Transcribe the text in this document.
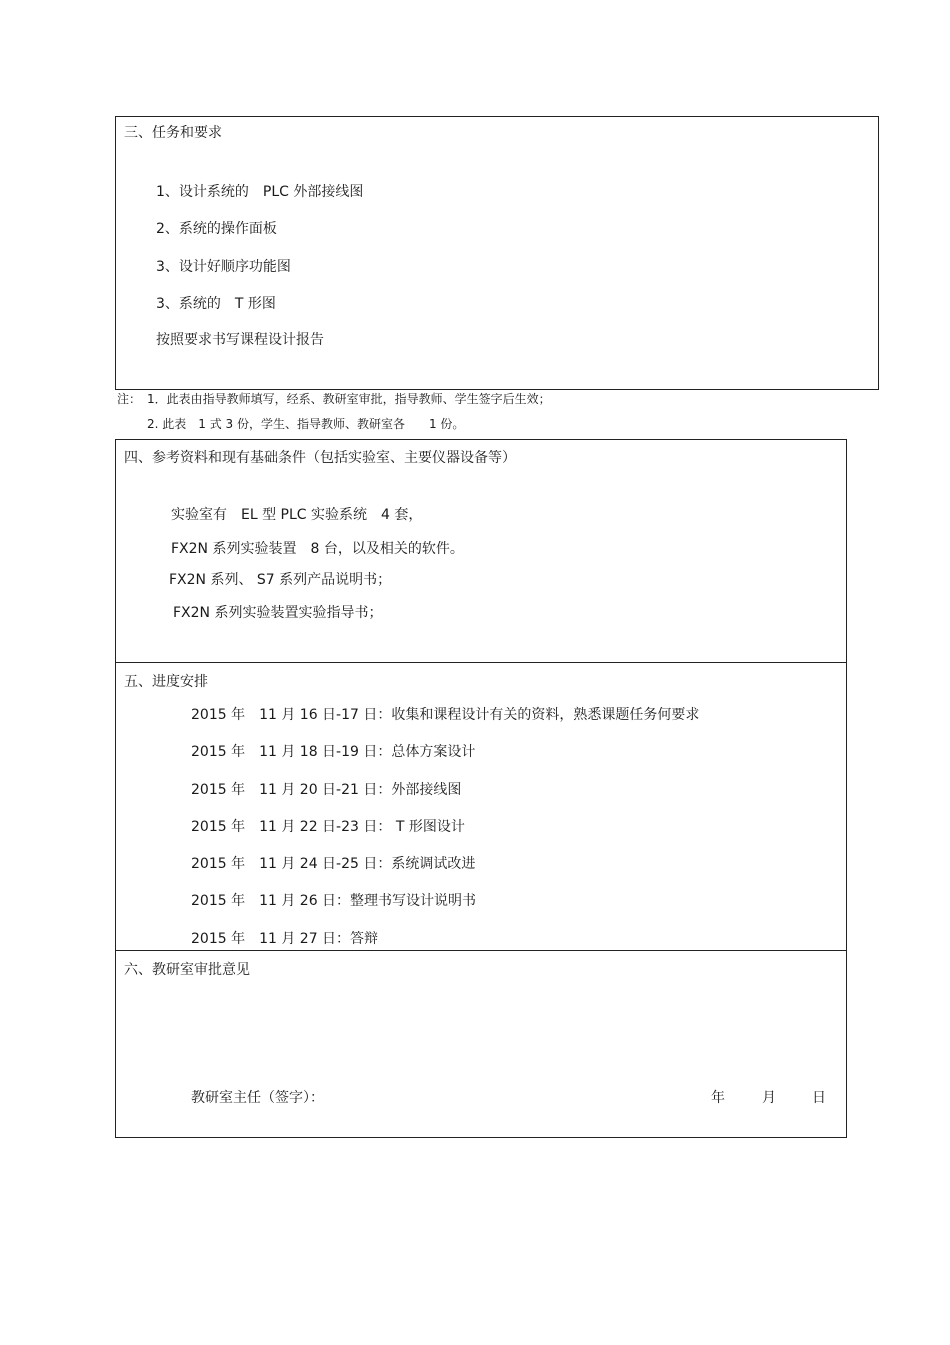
三、任务和要求
1、设计系统的　PLC 外部接线图
2、系统的操作面板
3、设计好顺序功能图
3、系统的　T 形图
按照要求书写课程设计报告
注：　1．此表由指导教师填写，经系、教研室审批，指导教师、学生签字后生效；
2. 此表　1 式 3 份，学生、指导教师、教研室各　　1 份。
四、参考资料和现有基础条件（包括实验室、主要仪器设备等）
实验室有　EL 型 PLC 实验系统　4 套，
FX2N 系列实验装置　8 台，以及相关的软件。
FX2N 系列、 S7 系列产品说明书；
FX2N 系列实验装置实验指导书；
五、进度安排
2015 年　11 月 16 日-17 日：收集和课程设计有关的资料，熟悉课题任务何要求
2015 年　11 月 18 日-19 日：总体方案设计
2015 年　11 月 20 日-21 日：外部接线图
2015 年　11 月 22 日-23 日： T 形图设计
2015 年　11 月 24 日-25 日：系统调试改进
2015 年　11 月 26 日：整理书写设计说明书
2015 年　11 月 27 日：答辩
六、教研室审批意见
教研室主任（签字）：	年	月	日
